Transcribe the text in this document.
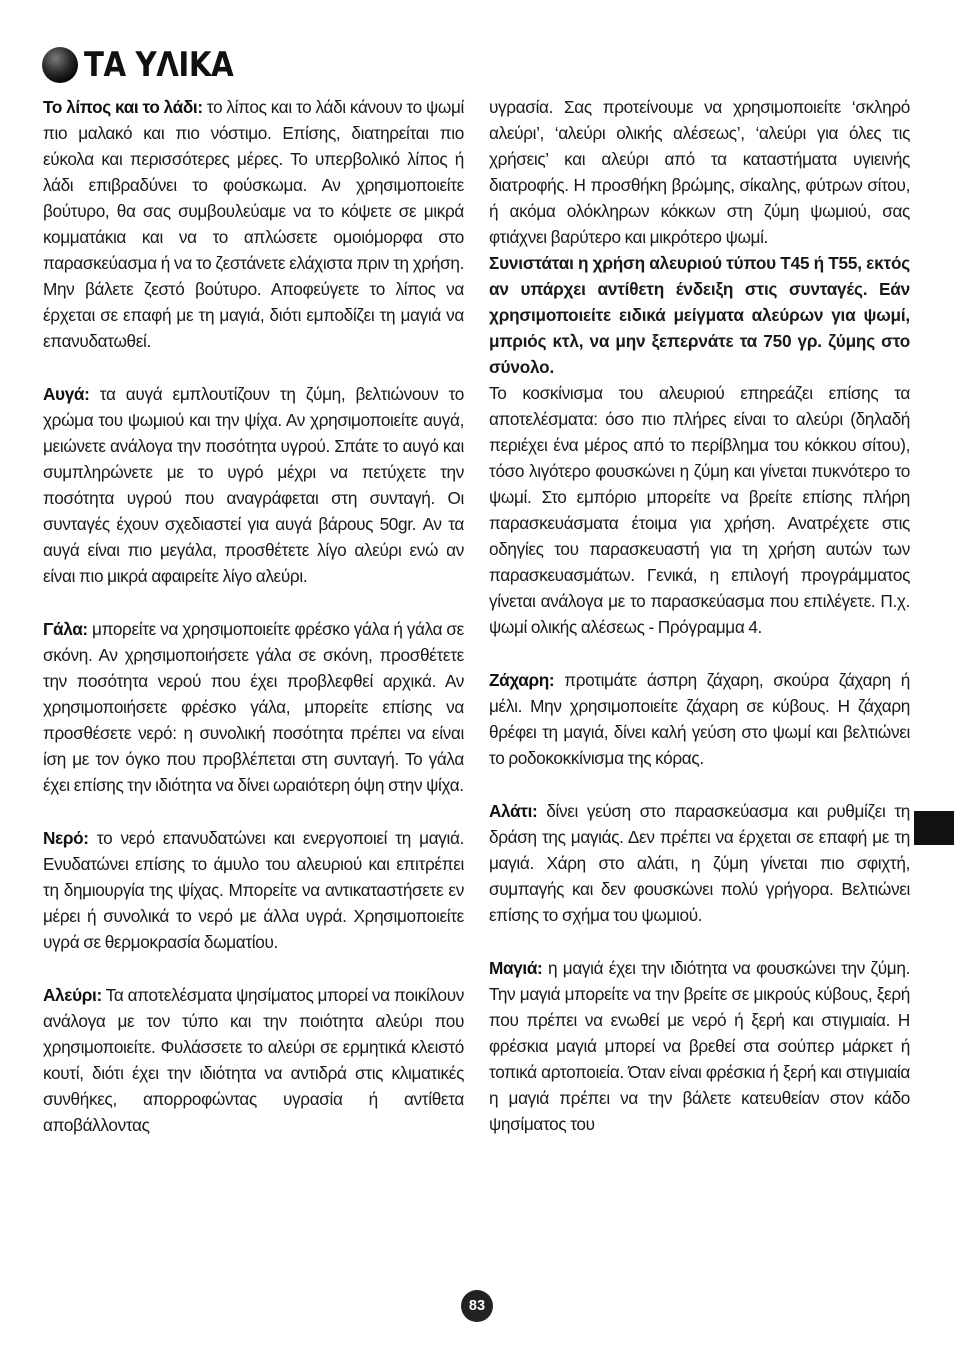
ΤΑ ΥΛΙΚΑ

Το λίπος και το λάδι: το λίπος και το λάδι κάνουν το ψωμί πιο μαλακό και πιο νόστιμο. Επίσης, διατηρείται πιο εύκολα και περισσότερες μέρες. Το υπερβολικό λίπος ή λάδι επιβραδύνει το φούσκωμα. Αν χρησιμοποιείτε βούτυρο, θα σας συμβουλεύαμε να το κόψετε σε μικρά κομματάκια και να το απλώσετε ομοιόμορφα στο παρασκεύασμα ή να το ζεστάνετε ελάχιστα πριν τη χρήση. Μην βάλετε ζεστό βούτυρο. Αποφεύγετε το λίπος να έρχεται σε επαφή με τη μαγιά, διότι εμποδίζει τη μαγιά να επανυδατωθεί.

Αυγά: τα αυγά εμπλουτίζουν τη ζύμη, βελτιώνουν το χρώμα του ψωμιού και την ψίχα. Αν χρησιμοποιείτε αυγά, μειώνετε ανάλογα την ποσότητα υγρού. Σπάτε το αυγό και συμπληρώνετε με το υγρό μέχρι να πετύχετε την ποσότητα υγρού που αναγράφεται στη συνταγή. Οι συνταγές έχουν σχεδιαστεί για αυγά βάρους 50gr. Αν τα αυγά είναι πιο μεγάλα, προσθέτετε λίγο αλεύρι ενώ αν είναι πιο μικρά αφαιρείτε λίγο αλεύρι.

Γάλα: μπορείτε να χρησιμοποιείτε φρέσκο γάλα ή γάλα σε σκόνη. Αν χρησιμοποιήσετε γάλα σε σκόνη, προσθέτετε την ποσότητα νερού που έχει προβλεφθεί αρχικά. Αν χρησιμοποιήσετε φρέσκο γάλα, μπορείτε επίσης να προσθέσετε νερό: η συνολική ποσότητα πρέπει να είναι ίση με τον όγκο που προβλέπεται στη συνταγή. Το γάλα έχει επίσης την ιδιότητα να δίνει ωραιότερη όψη στην ψίχα.

Νερό: το νερό επανυδατώνει και ενεργοποιεί τη μαγιά. Ενυδατώνει επίσης το άμυλο του αλευριού και επιτρέπει τη δημιουργία της ψίχας. Μπορείτε να αντικαταστήσετε εν μέρει ή συνολικά το νερό με άλλα υγρά. Χρησιμοποιείτε υγρά σε θερμοκρασία δωματίου.

Αλεύρι: Τα αποτελέσματα ψησίματος μπορεί να ποικίλουν ανάλογα με τον τύπο και την ποιότητα αλεύρι που χρησιμοποιείτε. Φυλάσσετε το αλεύρι σε ερμητικά κλειστό κουτί, διότι έχει την ιδιότητα να αντιδρά στις κλιματικές συνθήκες, απορροφώντας υγρασία ή αντίθετα αποβάλλοντας

υγρασία. Σας προτείνουμε να χρησιμοποιείτε ‘σκληρό αλεύρι’, ‘αλεύρι ολικής αλέσεως’, ‘αλεύρι για όλες τις χρήσεις’ και αλεύρι από τα καταστήματα υγιεινής διατροφής. Η προσθήκη βρώμης, σίκαλης, φύτρων σίτου, ή ακόμα ολόκληρων κόκκων στη ζύμη ψωμιού, σας φτιάχνει βαρύτερο και μικρότερο ψωμί.

Συνιστάται η χρήση αλευριού τύπου Τ45 ή Τ55, εκτός αν υπάρχει αντίθετη ένδειξη στις συνταγές. Εάν χρησιμοποιείτε ειδικά μείγματα αλεύρων για ψωμί, μπριός κτλ, να μην ξεπερνάτε τα 750 γρ. ζύμης στο σύνολο.

Το κοσκίνισμα του αλευριού επηρεάζει επίσης τα αποτελέσματα: όσο πιο πλήρες είναι το αλεύρι (δηλαδή περιέχει ένα μέρος από το περίβλημα του κόκκου σίτου), τόσο λιγότερο φουσκώνει η ζύμη και γίνεται πυκνότερο το ψωμί. Στο εμπόριο μπορείτε να βρείτε επίσης πλήρη παρασκευάσματα έτοιμα για χρήση. Ανατρέχετε στις οδηγίες του παρασκευαστή για τη χρήση αυτών των παρασκευασμάτων. Γενικά, η επιλογή προγράμματος γίνεται ανάλογα με το παρασκεύασμα που επιλέγετε. Π.χ. ψωμί ολικής αλέσεως - Πρόγραμμα 4.

Ζάχαρη: προτιμάτε άσπρη ζάχαρη, σκούρα ζάχαρη ή μέλι. Μην χρησιμοποιείτε ζάχαρη σε κύβους. Η ζάχαρη θρέφει τη μαγιά, δίνει καλή γεύση στο ψωμί και βελτιώνει το ροδοκοκκίνισμα της κόρας.

Αλάτι: δίνει γεύση στο παρασκεύασμα και ρυθμίζει τη δράση της μαγιάς. Δεν πρέπει να έρχεται σε επαφή με τη μαγιά. Χάρη στο αλάτι, η ζύμη γίνεται πιο σφιχτή, συμπαγής και δεν φουσκώνει πολύ γρήγορα. Βελτιώνει επίσης το σχήμα του ψωμιού.

Μαγιά: η μαγιά έχει την ιδιότητα να φουσκώνει την ζύμη. Την μαγιά μπορείτε να την βρείτε σε μικρούς κύβους, ξερή που πρέπει να ενωθεί με νερό ή ξερή και στιγμιαία. Η φρέσκια μαγιά μπορεί να βρεθεί στα σούπερ μάρκετ ή τοπικά αρτοποιεία. Όταν είναι φρέσκια ή ξερή και στιγμιαία η μαγιά πρέπει να την βάλετε κατευθείαν στον κάδο ψησίματος του

83
